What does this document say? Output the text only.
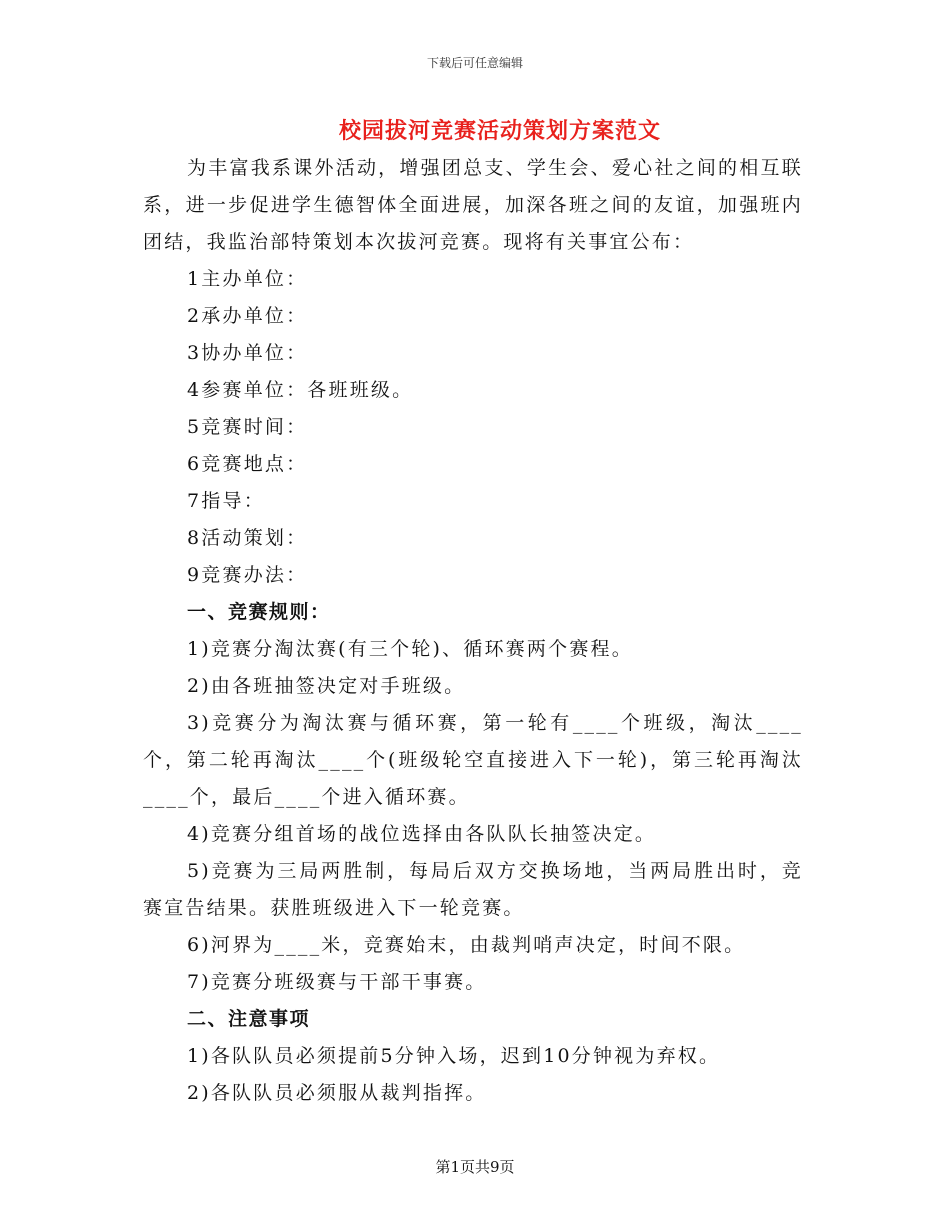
下载后可任意编辑
校园拔河竞赛活动策划方案范文

为丰富我系课外活动，增强团总支、学生会、爱心社之间的相互联系，进一步促进学生德智体全面进展，加深各班之间的友谊，加强班内团结，我监治部特策划本次拔河竞赛。现将有关事宜公布：

1主办单位：

2承办单位：

3协办单位：

4参赛单位：各班班级。

5竞赛时间：

6竞赛地点：

7指导：

8活动策划：

9竞赛办法：

一、竞赛规则：

1)竞赛分淘汰赛(有三个轮)、循环赛两个赛程。

2)由各班抽签决定对手班级。

3)竞赛分为淘汰赛与循环赛，第一轮有____个班级，淘汰____个，第二轮再淘汰____个(班级轮空直接进入下一轮)，第三轮再淘汰____个，最后____个进入循环赛。

4)竞赛分组首场的战位选择由各队队长抽签决定。

5)竞赛为三局两胜制，每局后双方交换场地，当两局胜出时，竞赛宣告结果。获胜班级进入下一轮竞赛。

6)河界为____米，竞赛始末，由裁判哨声决定，时间不限。

7)竞赛分班级赛与干部干事赛。

二、注意事项

1)各队队员必须提前5分钟入场，迟到10分钟视为弃权。

2)各队队员必须服从裁判指挥。

第1页共9页
